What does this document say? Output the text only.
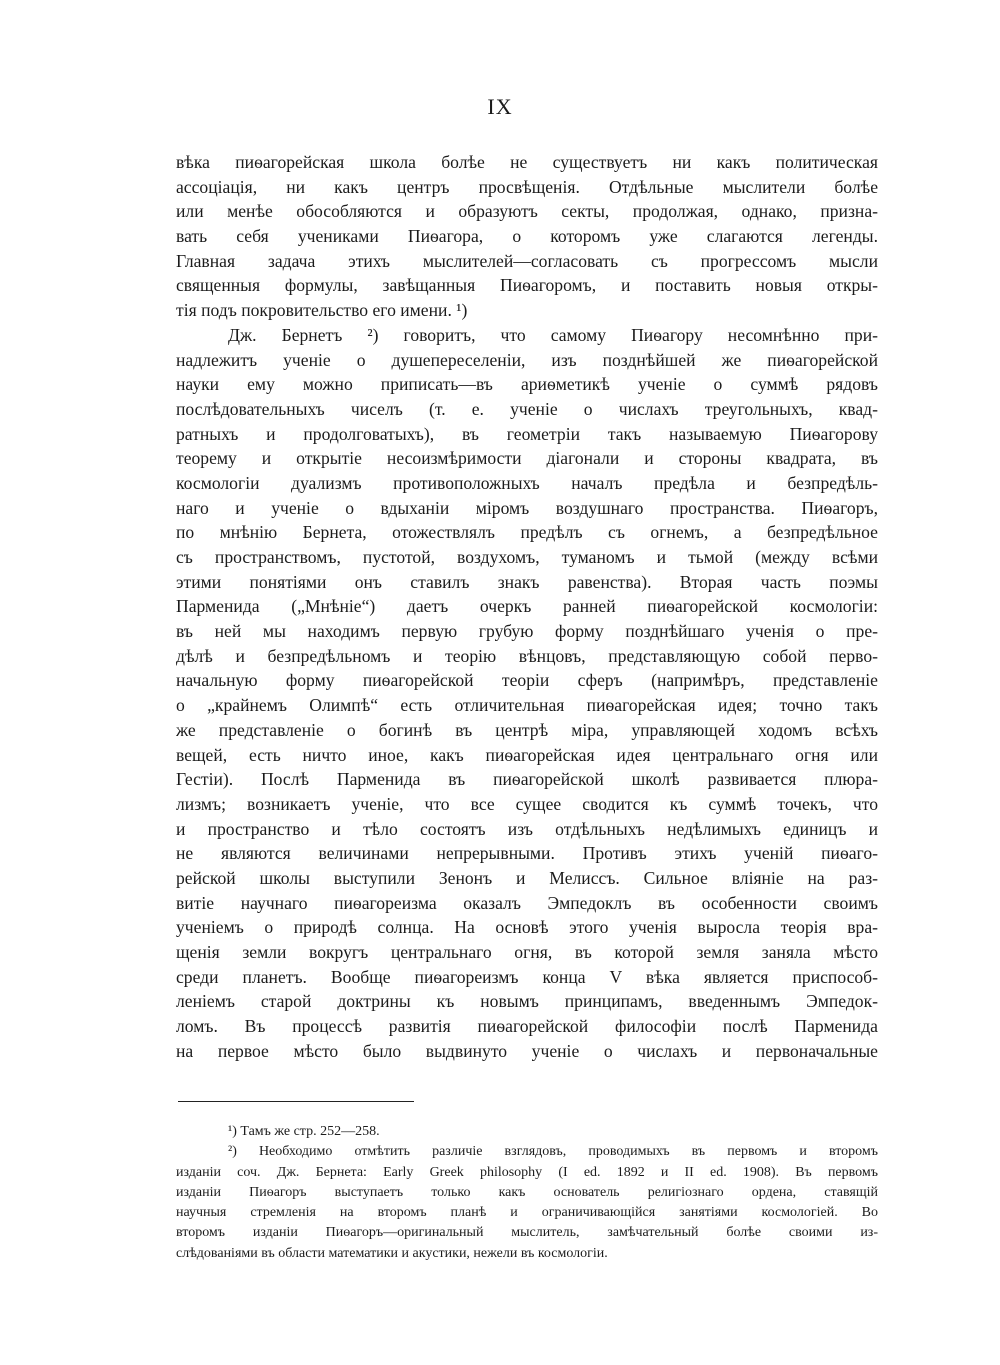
IX
вѣка пиѳагорейская школа болѣе не существуетъ ни какъ политическая
ассоціація, ни какъ центръ просвѣщенія. Отдѣльные мыслители болѣе
или менѣе обособляются и образуютъ секты, продолжая, однако, призна-
вать себя учениками Пиѳагора, о которомъ уже слагаются легенды.
Главная задача этихъ мыслителей—согласовать съ прогрессомъ мысли
священныя формулы, завѣщанныя Пиѳагоромъ, и поставить новыя откры-
тія подъ покровительство его имени. ¹)
Дж. Бернетъ ²) говоритъ, что самому Пиѳагору несомнѣнно при-
надлежитъ ученіе о душепереселеніи, изъ позднѣйшей же пиѳагорейской
науки ему можно приписать—въ ариѳметикѣ ученіе о суммѣ рядовъ
послѣдовательныхъ чиселъ (т. е. ученіе о числахъ треугольныхъ, квад-
ратныхъ и продолговатыхъ), въ геометріи такъ называемую Пиѳагорову
теорему и открытіе несоизмѣримости діагонали и стороны квадрата, въ
космологіи дуализмъ противоположныхъ началъ предѣла и безпредѣль-
наго и ученіе о вдыханіи міромъ воздушнаго пространства. Пиѳагоръ,
по мнѣнію Бернета, отожествлялъ предѣлъ съ огнемъ, а безпредѣльное
съ пространствомъ, пустотой, воздухомъ, туманомъ и тьмой (между всѣми
этими понятіями онъ ставилъ знакъ равенства). Вторая часть поэмы
Парменида („Мнѣніе“) даетъ очеркъ ранней пиѳагорейской космологіи:
въ ней мы находимъ первую грубую форму позднѣйшаго ученія о пре-
дѣлѣ и безпредѣльномъ и теорію вѣнцовъ, представляющую собой перво-
начальную форму пиѳагорейской теоріи сферъ (напримѣръ, представленіе
о „крайнемъ Олимпѣ“ есть отличительная пиѳагорейская идея; точно такъ
же представленіе о богинѣ въ центрѣ міра, управляющей ходомъ всѣхъ
вещей, есть ничто иное, какъ пиѳагорейская идея центральнаго огня или
Гестіи). Послѣ Парменида въ пиѳагорейской школѣ развивается плюра-
лизмъ; возникаетъ ученіе, что все сущее сводится къ суммѣ точекъ, что
и пространство и тѣло состоятъ изъ отдѣльныхъ недѣлимыхъ единицъ и
не являются величинами непрерывными. Противъ этихъ ученій пиѳаго-
рейской школы выступили Зенонъ и Мелиссъ. Сильное вліяніе на раз-
витіе научнаго пиѳагореизма оказалъ Эмпедоклъ въ особенности своимъ
ученіемъ о природѣ солнца. На основѣ этого ученія выросла теорія вра-
щенія земли вокругъ центральнаго огня, въ которой земля заняла мѣсто
среди планетъ. Вообще пиѳагореизмъ конца V вѣка является приспособ-
леніемъ старой доктрины къ новымъ принципамъ, введеннымъ Эмпедок-
ломъ. Въ процессѣ развитія пиѳагорейской философіи послѣ Парменида
на первое мѣсто было выдвинуто ученіе о числахъ и первоначальные
¹) Тамъ же стр. 252—258.
²) Необходимо отмѣтить различіе взглядовъ, проводимыхъ въ первомъ и второмъ
изданіи соч. Дж. Бернета: Early Greek philosophy (I ed. 1892 и II ed. 1908). Въ первомъ
изданіи Пиѳагоръ выступаетъ только какъ основатель религіознаго ордена, ставящій
научныя стремленія на второмъ планѣ и ограничивающійся занятіями космологіей. Во
второмъ изданіи Пиѳагоръ—оригинальный мыслитель, замѣчательный болѣе своими из-
слѣдованіями въ области математики и акустики, нежели въ космологіи.
